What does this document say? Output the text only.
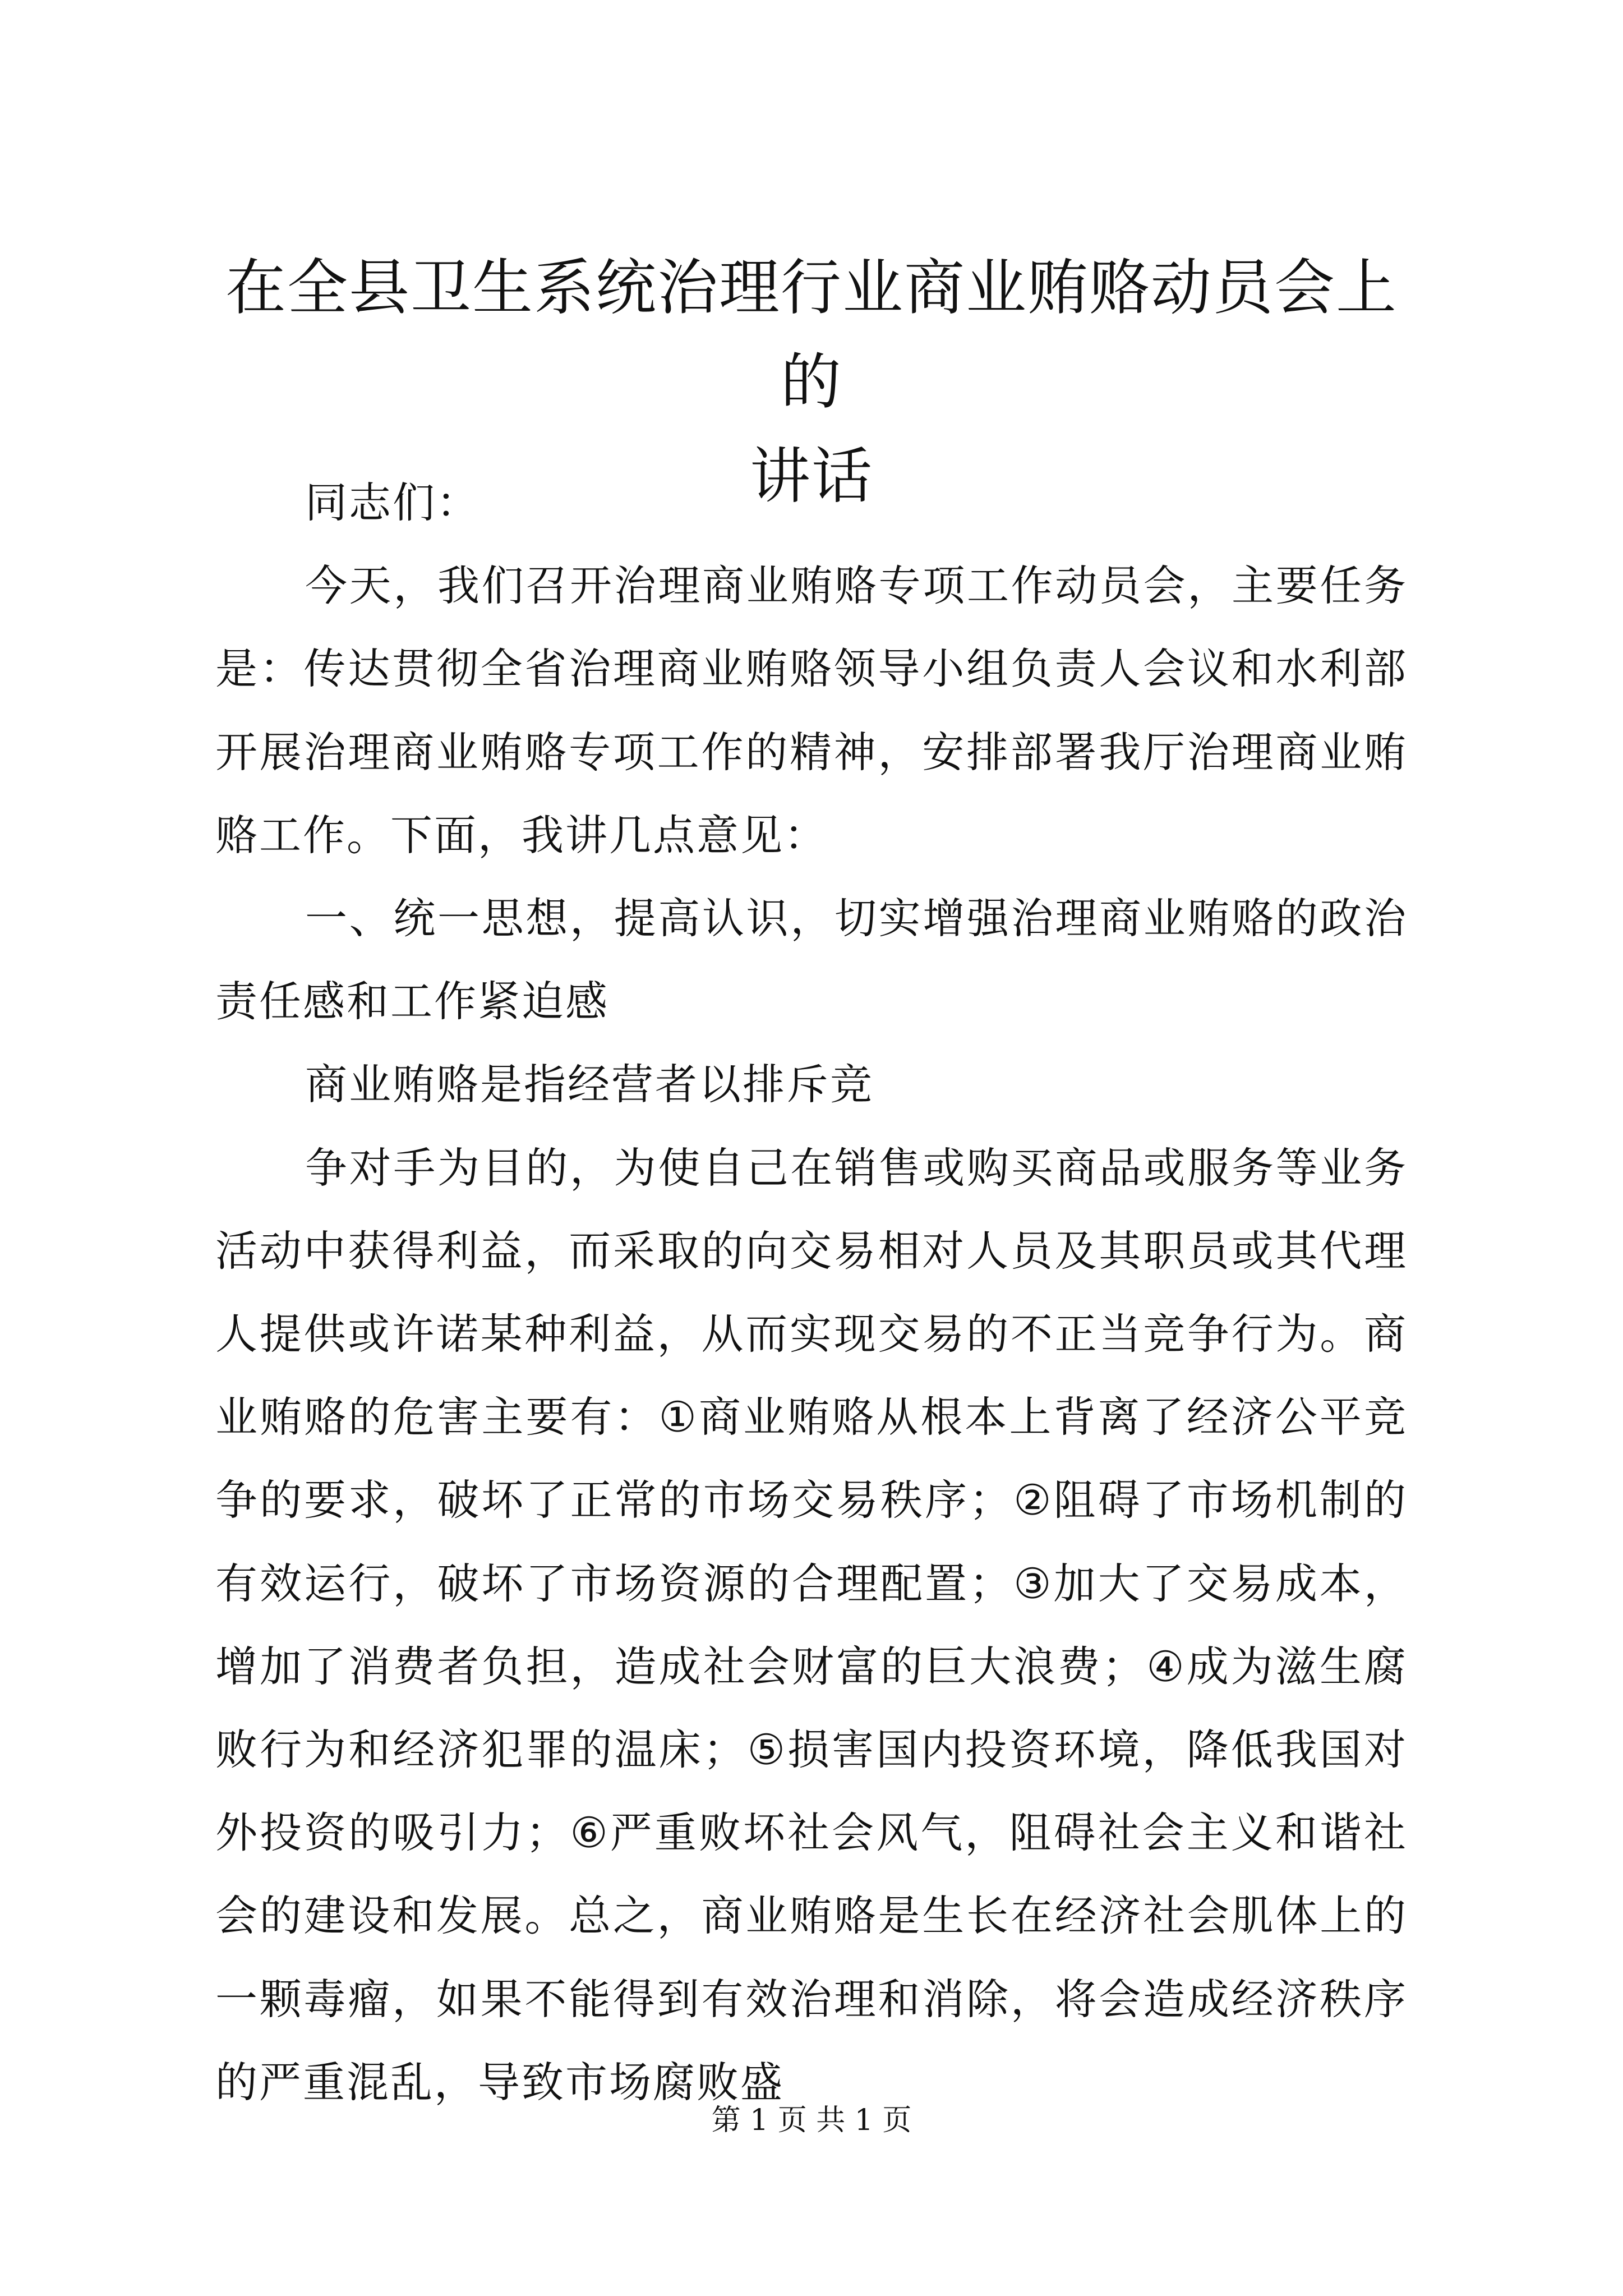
在全县卫生系统治理行业商业贿赂动员会上的
讲话

同志们：

今天，我们召开治理商业贿赂专项工作动员会，主要任务是：传达贯彻全省治理商业贿赂领导小组负责人会议和水利部开展治理商业贿赂专项工作的精神，安排部署我厅治理商业贿赂工作。下面，我讲几点意见：

一、统一思想，提高认识，切实增强治理商业贿赂的政治责任感和工作紧迫感

商业贿赂是指经营者以排斥竞

争对手为目的，为使自己在销售或购买商品或服务等业务活动中获得利益，而采取的向交易相对人员及其职员或其代理人提供或许诺某种利益，从而实现交易的不正当竞争行为。商业贿赂的危害主要有：①商业贿赂从根本上背离了经济公平竞争的要求，破坏了正常的市场交易秩序；②阻碍了市场机制的有效运行，破坏了市场资源的合理配置；③加大了交易成本，增加了消费者负担，造成社会财富的巨大浪费；④成为滋生腐败行为和经济犯罪的温床；⑤损害国内投资环境，降低我国对外投资的吸引力；⑥严重败坏社会风气，阻碍社会主义和谐社会的建设和发展。总之，商业贿赂是生长在经济社会肌体上的一颗毒瘤，如果不能得到有效治理和消除，将会造成经济秩序的严重混乱，导致市场腐败盛

第 1 页 共 1 页
